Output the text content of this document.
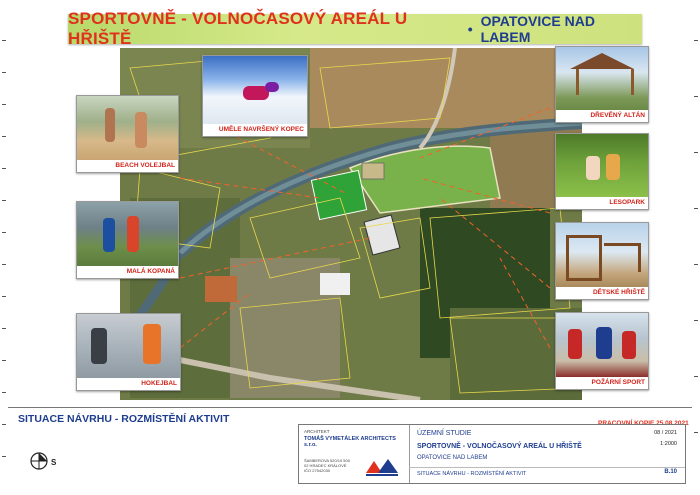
SPORTOVNĚ - VOLNOČASOVÝ AREÁL U HŘIŠTĚ	• OPATOVICE NAD LABEM
UMĚLE NAVRŠENÝ KOPEC
BEACH VOLEJBAL
MALÁ KOPANÁ
HOKEJBAL
DŘEVĚNÝ ALTÁN
LESOPARK
DĚTSKÉ HŘIŠTĚ
POŽÁRNÍ SPORT
SITUACE NÁVRHU - ROZMÍSTĚNÍ AKTIVIT
S
PRACOVNÍ KOPIE 25.08.2021
ARCHITEKT
TOMÁŠ VYMETÁLEK ARCHITECTS s.r.o.
ŠAMBEROVA 520/10 500 02 HRADEC KRÁLOVÉ IČO 27542030
ÚZEMNÍ STUDIE
SPORTOVNĚ - VOLNOČASOVÝ AREÁL U HŘIŠTĚ
OPATOVICE NAD LABEM
SITUACE NÁVRHU - ROZMÍSTĚNÍ AKTIVIT
08 / 2021
1:2000
B.10
